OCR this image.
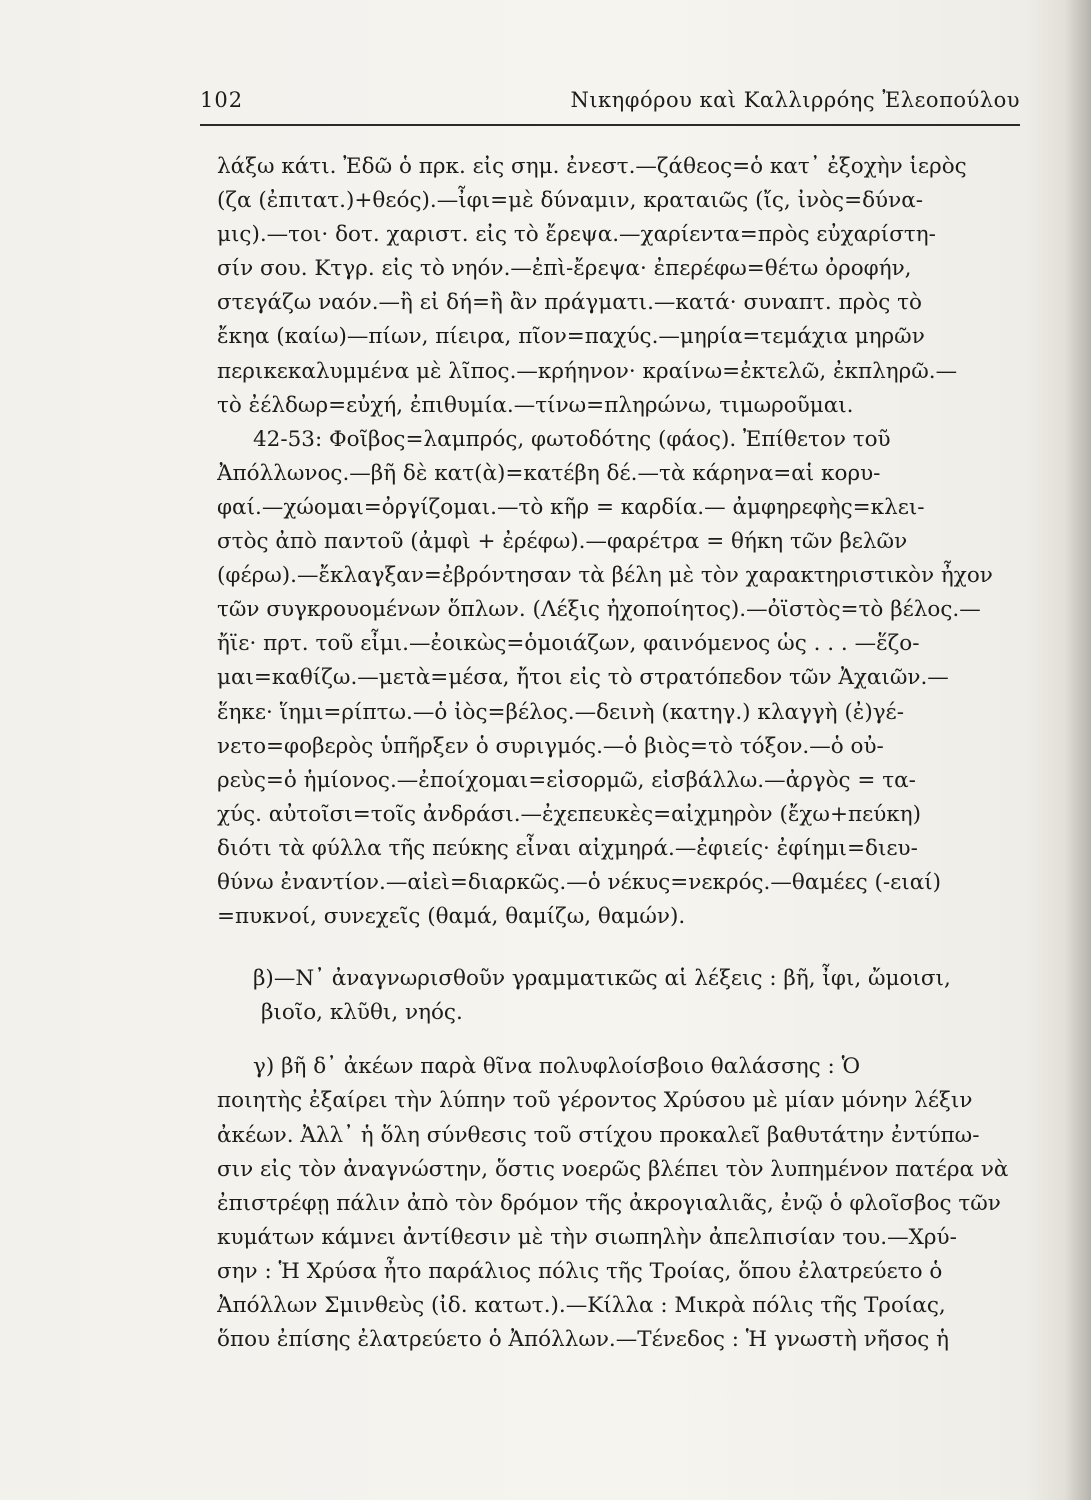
102	Νικηφόρου καὶ Καλλιρρόης Ἐλεοπούλου
λάξω κάτι. Ἐδῶ ὁ πρκ. εἰς σημ. ἐνεστ.—ζάθεος=ὁ κατ᾿ ἐξοχὴν ἱερὸς
(ζα (ἐπιτατ.)+θεός).—ἶφι=μὲ δύναμιν, κραταιῶς (ἴς, ἰνὸς=δύνα-
μις).—τοι· δοτ. χαριστ. εἰς τὸ ἔρεψα.—χαρίεντα=πρὸς εὐχαρίστη-
σίν σου. Κτγρ. εἰς τὸ νηόν.—ἐπὶ-ἔρεψα· ἐπερέφω=θέτω ὀροφήν,
στεγάζω ναόν.—ἢ εἰ δή=ἢ ἂν πράγματι.—κατά· συναπτ. πρὸς τὸ
ἔκηα (καίω)—πίων, πίειρα, πῖον=παχύς.—μηρία=τεμάχια μηρῶν
περικεκαλυμμένα μὲ λῖπος.—κρήηνον· κραίνω=ἐκτελῶ, ἐκπληρῶ.—
τὸ ἐέλδωρ=εὐχή, ἐπιθυμία.—τίνω=πληρώνω, τιμωροῦμαι.
42-53: Φοῖβος=λαμπρός, φωτοδότης (φάος). Ἐπίθετον τοῦ
Ἀπόλλωνος.—βῆ δὲ κατ(ὰ)=κατέβη δέ.—τὰ κάρηνα=αἱ κορυ-
φαί.—χώομαι=ὀργίζομαι.—τὸ κῆρ = καρδία.— ἀμφηρεφὴς=κλει-
στὸς ἀπὸ παντοῦ (ἀμφὶ + ἐρέφω).—φαρέτρα = θήκη τῶν βελῶν
(φέρω).—ἔκλαγξαν=ἐβρόντησαν τὰ βέλη μὲ τὸν χαρακτηριστικὸν ἦχον
τῶν συγκρουομένων ὅπλων. (Λέξις ἠχοποίητος).—ὀϊστὸς=τὸ βέλος.—
ἤϊε· πρτ. τοῦ εἶμι.—ἐοικὼς=ὁμοιάζων, φαινόμενος ὡς . . . —ἕζο-
μαι=καθίζω.—μετὰ=μέσα, ἤτοι εἰς τὸ στρατόπεδον τῶν Ἀχαιῶν.—
ἕηκε· ἵημι=ρίπτω.—ὁ ἰὸς=βέλος.—δεινὴ (κατηγ.) κλαγγὴ (ἐ)γέ-
νετο=φοβερὸς ὑπῆρξεν ὁ συριγμός.—ὁ βιὸς=τὸ τόξον.—ὁ οὐ-
ρεὺς=ὁ ἡμίονος.—ἐποίχομαι=εἰσορμῶ, εἰσβάλλω.—ἀργὸς = τα-
χύς. αὐτοῖσι=τοῖς ἀνδράσι.—ἐχεπευκὲς=αἰχμηρὸν (ἔχω+πεύκη)
διότι τὰ φύλλα τῆς πεύκης εἶναι αἰχμηρά.—ἐφιείς· ἐφίημι=διευ-
θύνω ἐναντίον.—αἰεὶ=διαρκῶς.—ὁ νέκυς=νεκρός.—θαμέες (-ειαί)
=πυκνοί, συνεχεῖς (θαμά, θαμίζω, θαμών).
β)—Ν᾿ ἀναγνωρισθοῦν γραμματικῶς αἱ λέξεις : βῆ, ἶφι, ὤμοισι,
βιοῖο, κλῦθι, νηός.
γ) βῆ δ᾿ ἀκέων παρὰ θῖνα πολυφλοίσβοιο θαλάσσης : Ὁ
ποιητὴς ἐξαίρει τὴν λύπην τοῦ γέροντος Χρύσου μὲ μίαν μόνην λέξιν
ἀκέων. Ἀλλ᾿ ἡ ὅλη σύνθεσις τοῦ στίχου προκαλεῖ βαθυτάτην ἐντύπω-
σιν εἰς τὸν ἀναγνώστην, ὅστις νοερῶς βλέπει τὸν λυπημένον πατέρα νὰ
ἐπιστρέφῃ πάλιν ἀπὸ τὸν δρόμον τῆς ἀκρογιαλιᾶς, ἐνῷ ὁ φλοῖσβος τῶν
κυμάτων κάμνει ἀντίθεσιν μὲ τὴν σιωπηλὴν ἀπελπισίαν του.—Χρύ-
σην : Ἡ Χρύσα ἦτο παράλιος πόλις τῆς Τροίας, ὅπου ἐλατρεύετο ὁ
Ἀπόλλων Σμινθεὺς (ἰδ. κατωτ.).—Κίλλα : Μικρὰ πόλις τῆς Τροίας,
ὅπου ἐπίσης ἐλατρεύετο ὁ Ἀπόλλων.—Τένεδος : Ἡ γνωστὴ νῆσος ἡ
